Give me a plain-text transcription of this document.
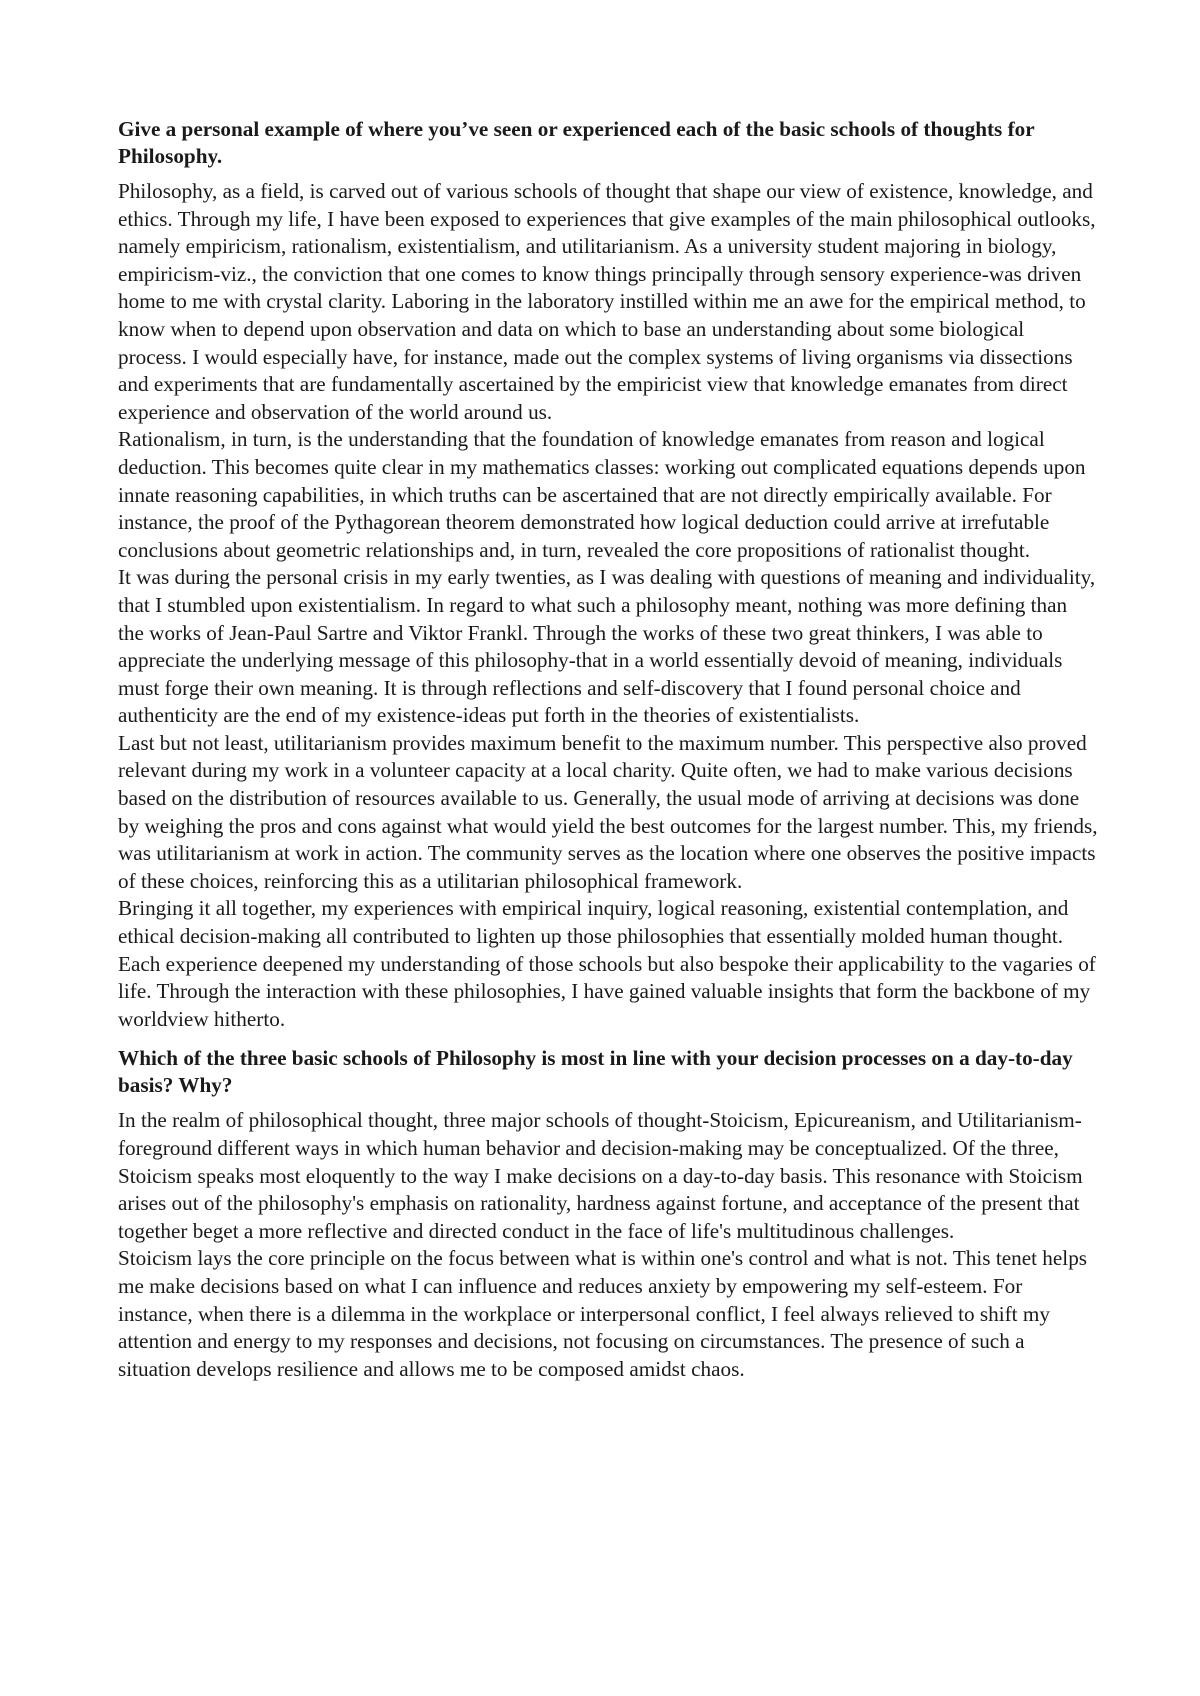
Give a personal example of where you’ve seen or experienced each of the basic schools of thoughts for Philosophy.

Philosophy, as a field, is carved out of various schools of thought that shape our view of existence, knowledge, and ethics. Through my life, I have been exposed to experiences that give examples of the main philosophical outlooks, namely empiricism, rationalism, existentialism, and utilitarianism. As a university student majoring in biology, empiricism-viz., the conviction that one comes to know things principally through sensory experience-was driven home to me with crystal clarity. Laboring in the laboratory instilled within me an awe for the empirical method, to know when to depend upon observation and data on which to base an understanding about some biological process. I would especially have, for instance, made out the complex systems of living organisms via dissections and experiments that are fundamentally ascertained by the empiricist view that knowledge emanates from direct experience and observation of the world around us.

Rationalism, in turn, is the understanding that the foundation of knowledge emanates from reason and logical deduction. This becomes quite clear in my mathematics classes: working out complicated equations depends upon innate reasoning capabilities, in which truths can be ascertained that are not directly empirically available. For instance, the proof of the Pythagorean theorem demonstrated how logical deduction could arrive at irrefutable conclusions about geometric relationships and, in turn, revealed the core propositions of rationalist thought.

It was during the personal crisis in my early twenties, as I was dealing with questions of meaning and individuality, that I stumbled upon existentialism. In regard to what such a philosophy meant, nothing was more defining than the works of Jean-Paul Sartre and Viktor Frankl. Through the works of these two great thinkers, I was able to appreciate the underlying message of this philosophy-that in a world essentially devoid of meaning, individuals must forge their own meaning. It is through reflections and self-discovery that I found personal choice and authenticity are the end of my existence-ideas put forth in the theories of existentialists.

Last but not least, utilitarianism provides maximum benefit to the maximum number. This perspective also proved relevant during my work in a volunteer capacity at a local charity. Quite often, we had to make various decisions based on the distribution of resources available to us. Generally, the usual mode of arriving at decisions was done by weighing the pros and cons against what would yield the best outcomes for the largest number. This, my friends, was utilitarianism at work in action. The community serves as the location where one observes the positive impacts of these choices, reinforcing this as a utilitarian philosophical framework.

Bringing it all together, my experiences with empirical inquiry, logical reasoning, existential contemplation, and ethical decision-making all contributed to lighten up those philosophies that essentially molded human thought. Each experience deepened my understanding of those schools but also bespoke their applicability to the vagaries of life. Through the interaction with these philosophies, I have gained valuable insights that form the backbone of my worldview hitherto.

Which of the three basic schools of Philosophy is most in line with your decision processes on a day-to-day basis? Why?

In the realm of philosophical thought, three major schools of thought-Stoicism, Epicureanism, and Utilitarianism-foreground different ways in which human behavior and decision-making may be conceptualized. Of the three, Stoicism speaks most eloquently to the way I make decisions on a day-to-day basis. This resonance with Stoicism arises out of the philosophy's emphasis on rationality, hardness against fortune, and acceptance of the present that together beget a more reflective and directed conduct in the face of life's multitudinous challenges.

Stoicism lays the core principle on the focus between what is within one's control and what is not. This tenet helps me make decisions based on what I can influence and reduces anxiety by empowering my self-esteem. For instance, when there is a dilemma in the workplace or interpersonal conflict, I feel always relieved to shift my attention and energy to my responses and decisions, not focusing on circumstances. The presence of such a situation develops resilience and allows me to be composed amidst chaos.
